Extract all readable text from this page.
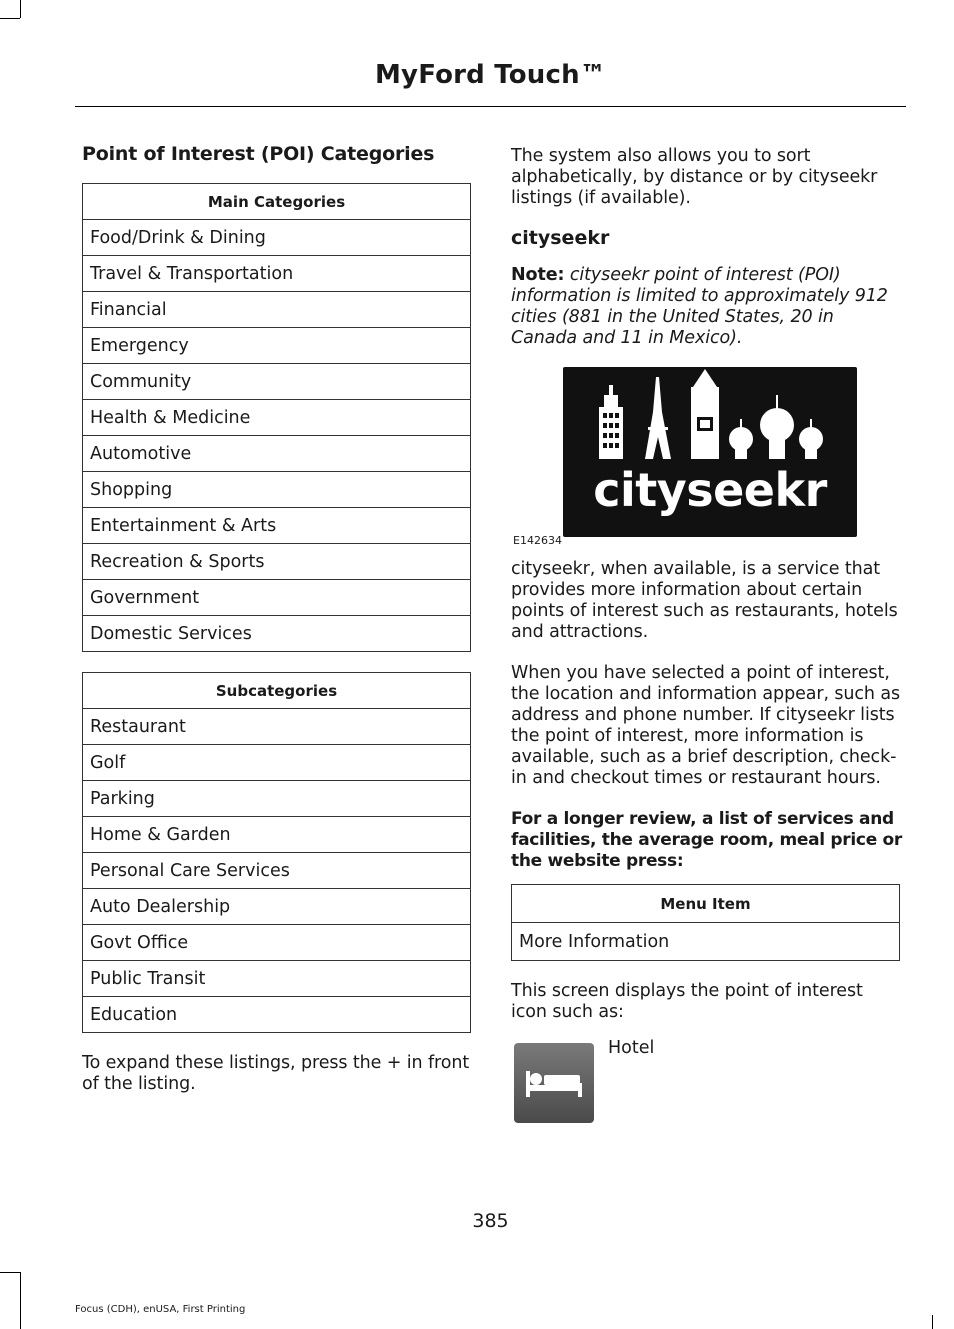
MyFord Touch™
Point of Interest (POI) Categories
Main Categories
Food/Drink & Dining
Travel & Transportation
Financial
Emergency
Community
Health & Medicine
Automotive
Shopping
Entertainment & Arts
Recreation & Sports
Government
Domestic Services
Subcategories
Restaurant
Golf
Parking
Home & Garden
Personal Care Services
Auto Dealership
Govt Office
Public Transit
Education

To expand these listings, press the + in front of the listing.

The system also allows you to sort alphabetically, by distance or by cityseekr listings (if available).

cityseekr

Note: cityseekr point of interest (POI) information is limited to approximately 912 cities (881 in the United States, 20 in Canada and 11 in Mexico).

cityseekr
E142634

cityseekr, when available, is a service that provides more information about certain points of interest such as restaurants, hotels and attractions.

When you have selected a point of interest, the location and information appear, such as address and phone number. If cityseekr lists the point of interest, more information is available, such as a brief description, check-in and checkout times or restaurant hours.

For a longer review, a list of services and facilities, the average room, meal price or the website press:

Menu Item
More Information

This screen displays the point of interest icon such as:

Hotel
385
Focus (CDH), enUSA, First Printing
